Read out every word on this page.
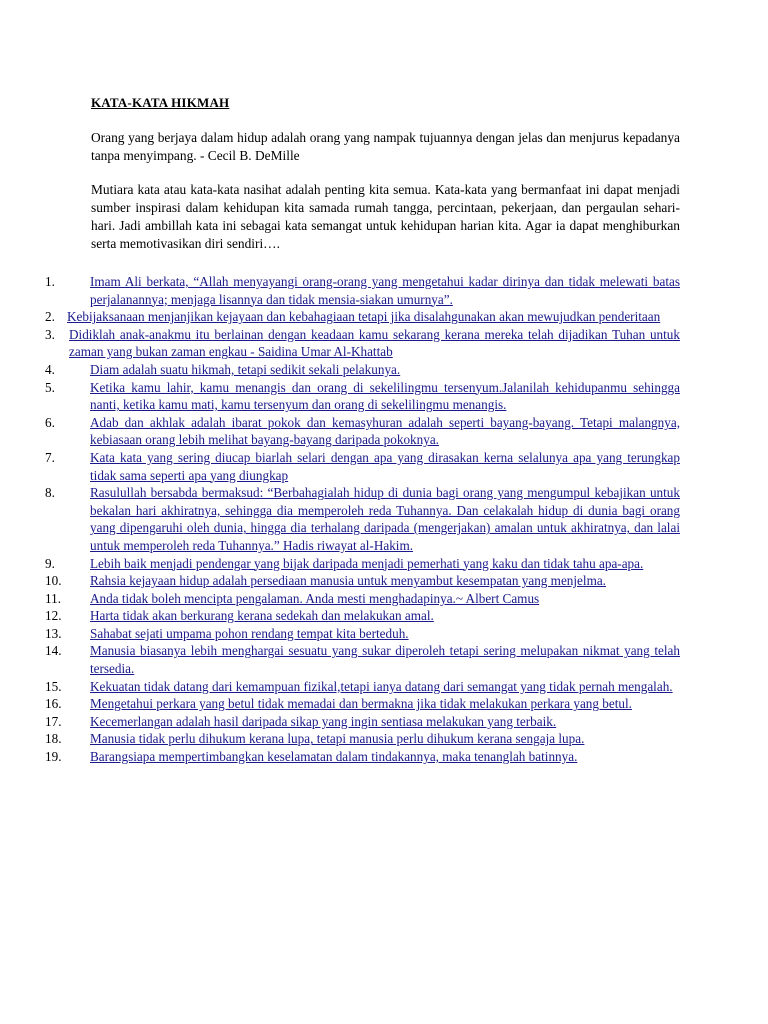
KATA-KATA HIKMAH
Orang yang berjaya dalam hidup adalah orang yang nampak tujuannya dengan jelas dan menjurus kepadanya tanpa menyimpang. - Cecil B. DeMille
Mutiara kata atau kata-kata nasihat adalah penting kita semua. Kata-kata yang bermanfaat ini dapat menjadi sumber inspirasi dalam kehidupan kita samada rumah tangga, percintaan, pekerjaan, dan pergaulan sehari-hari. Jadi ambillah kata ini sebagai kata semangat untuk kehidupan harian kita. Agar ia dapat menghiburkan serta memotivasikan diri sendiri….
1.	Imam Ali berkata, “Allah menyayangi orang-orang yang mengetahui kadar dirinya dan tidak melewati batas perjalanannya; menjaga lisannya dan tidak mensia-siakan umurnya”.
2. Kebijaksanaan menjanjikan kejayaan dan kebahagiaan tetapi jika disalahgunakan akan mewujudkan penderitaan
3.	Didiklah anak-anakmu itu berlainan dengan keadaan kamu sekarang kerana mereka telah dijadikan Tuhan untuk zaman yang bukan zaman engkau - Saidina Umar Al-Khattab
4.	Diam adalah suatu hikmah, tetapi sedikit sekali pelakunya.
5.	Ketika kamu lahir, kamu menangis dan orang di sekelilingmu tersenyum.Jalanilah kehidupanmu sehingga nanti, ketika kamu mati, kamu tersenyum dan orang di sekelilingmu menangis.
6.	Adab dan akhlak adalah ibarat pokok dan kemasyhuran adalah seperti bayang-bayang. Tetapi malangnya, kebiasaan orang lebih melihat bayang-bayang daripada pokoknya.
7.	Kata kata yang sering diucap biarlah selari dengan apa yang dirasakan kerna selalunya apa yang terungkap tidak sama seperti apa yang diungkap
8.	Rasulullah bersabda bermaksud: “Berbahagialah hidup di dunia bagi orang yang mengumpul kebajikan untuk bekalan hari akhiratnya, sehingga dia memperoleh reda Tuhannya. Dan celakalah hidup di dunia bagi orang yang dipengaruhi oleh dunia, hingga dia terhalang daripada (mengerjakan) amalan untuk akhiratnya, dan lalai untuk memperoleh reda Tuhannya.” Hadis riwayat al-Hakim.
9.	Lebih baik menjadi pendengar yang bijak daripada menjadi pemerhati yang kaku dan tidak tahu apa-apa.
10.	Rahsia kejayaan hidup adalah persediaan manusia untuk menyambut kesempatan yang menjelma.
11.	Anda tidak boleh mencipta pengalaman. Anda mesti menghadapinya.~ Albert Camus
12.	Harta tidak akan berkurang kerana sedekah dan melakukan amal.
13.	Sahabat sejati umpama pohon rendang tempat kita berteduh.
14.	Manusia biasanya lebih menghargai sesuatu yang sukar diperoleh tetapi sering melupakan nikmat yang telah tersedia.
15.	Kekuatan tidak datang dari kemampuan fizikal,tetapi ianya datang dari semangat yang tidak pernah mengalah.
16.	Mengetahui perkara yang betul tidak memadai dan bermakna jika tidak melakukan perkara yang betul.
17.	Kecemerlangan adalah hasil daripada sikap yang ingin sentiasa melakukan yang terbaik.
18.	Manusia tidak perlu dihukum kerana lupa, tetapi manusia perlu dihukum kerana sengaja lupa.
19.	Barangsiapa mempertimbangkan keselamatan dalam tindakannya, maka tenanglah batinnya.
